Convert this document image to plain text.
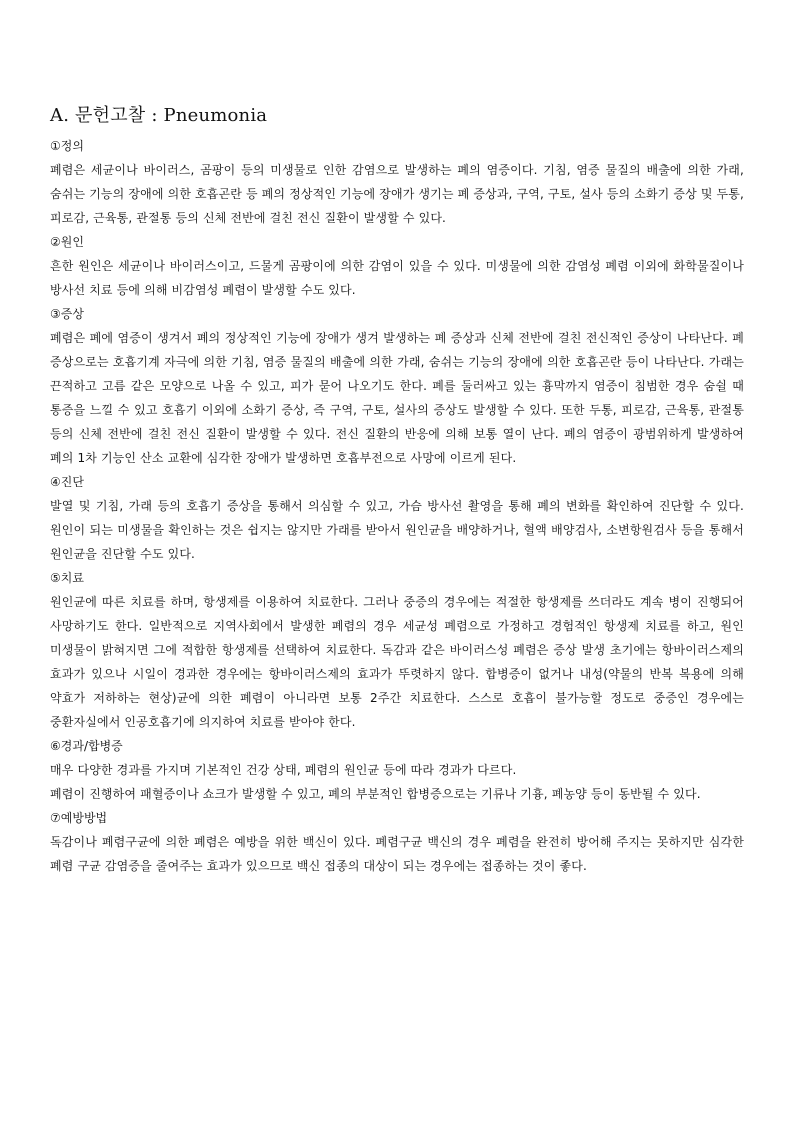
A. 문헌고찰 : Pneumonia

①정의

폐렴은 세균이나 바이러스, 곰팡이 등의 미생물로 인한 감염으로 발생하는 폐의 염증이다. 기침, 염증 물질의 배출에 의한 가래, 숨쉬는 기능의 장애에 의한 호흡곤란 등 폐의 정상적인 기능에 장애가 생기는 폐 증상과, 구역, 구토, 설사 등의 소화기 증상 및 두통, 피로감, 근육통, 관절통 등의 신체 전반에 걸친 전신 질환이 발생할 수 있다.

②원인

흔한 원인은 세균이나 바이러스이고, 드물게 곰팡이에 의한 감염이 있을 수 있다. 미생물에 의한 감염성 폐렴 이외에 화학물질이나 방사선 치료 등에 의해 비감염성 폐렴이 발생할 수도 있다.

③증상

폐렴은 폐에 염증이 생겨서 폐의 정상적인 기능에 장애가 생겨 발생하는 폐 증상과 신체 전반에 걸친 전신적인 증상이 나타난다. 폐 증상으로는 호흡기계 자극에 의한 기침, 염증 물질의 배출에 의한 가래, 숨쉬는 기능의 장애에 의한 호흡곤란 등이 나타난다. 가래는 끈적하고 고름 같은 모양으로 나올 수 있고, 피가 묻어 나오기도 한다. 폐를 둘러싸고 있는 흉막까지 염증이 침범한 경우 숨쉴 때 통증을 느낄 수 있고 호흡기 이외에 소화기 증상, 즉 구역, 구토, 설사의 증상도 발생할 수 있다. 또한 두통, 피로감, 근육통, 관절통 등의 신체 전반에 걸친 전신 질환이 발생할 수 있다. 전신 질환의 반응에 의해 보통 열이 난다. 폐의 염증이 광범위하게 발생하여 폐의 1차 기능인 산소 교환에 심각한 장애가 발생하면 호흡부전으로 사망에 이르게 된다.

④진단

발열 및 기침, 가래 등의 호흡기 증상을 통해서 의심할 수 있고, 가슴 방사선 촬영을 통해 폐의 변화를 확인하여 진단할 수 있다. 원인이 되는 미생물을 확인하는 것은 쉽지는 않지만 가래를 받아서 원인균을 배양하거나, 혈액 배양검사, 소변항원검사 등을 통해서 원인균을 진단할 수도 있다.

⑤치료

원인균에 따른 치료를 하며, 항생제를 이용하여 치료한다. 그러나 중증의 경우에는 적절한 항생제를 쓰더라도 계속 병이 진행되어 사망하기도 한다. 일반적으로 지역사회에서 발생한 폐렴의 경우 세균성 폐렴으로 가정하고 경험적인 항생제 치료를 하고, 원인 미생물이 밝혀지면 그에 적합한 항생제를 선택하여 치료한다. 독감과 같은 바이러스성 폐렴은 증상 발생 초기에는 항바이러스제의 효과가 있으나 시일이 경과한 경우에는 항바이러스제의 효과가 뚜렷하지 않다. 합병증이 없거나 내성(약물의 반복 복용에 의해 약효가 저하하는 현상)균에 의한 폐렴이 아니라면 보통 2주간 치료한다. 스스로 호흡이 불가능할 정도로 중증인 경우에는 중환자실에서 인공호흡기에 의지하여 치료를 받아야 한다.

⑥경과/합병증

매우 다양한 경과를 가지며 기본적인 건강 상태, 폐렴의 원인균 등에 따라 경과가 다르다.

폐렴이 진행하여 패혈증이나 쇼크가 발생할 수 있고, 폐의 부분적인 합병증으로는 기류나 기흉, 폐농양 등이 동반될 수 있다.

⑦예방방법

독감이나 폐렴구균에 의한 폐렴은 예방을 위한 백신이 있다. 폐렴구균 백신의 경우 폐렴을 완전히 방어해 주지는 못하지만 심각한 폐렴 구균 감염증을 줄여주는 효과가 있으므로 백신 접종의 대상이 되는 경우에는 접종하는 것이 좋다.
